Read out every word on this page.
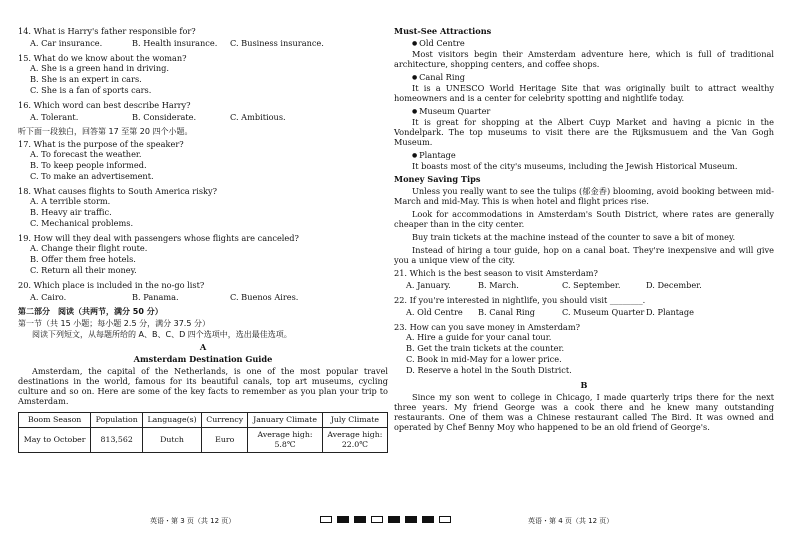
14. What is Harry's father responsible for?

A. Car insurance.	B. Health insurance.	C. Business insurance.

15. What do we know about the woman?

A. She is a green hand in driving.

B. She is an expert in cars.

C. She is a fan of sports cars.

16. Which word can best describe Harry?

A. Tolerant.	B. Considerate.	C. Ambitious.

听下面一段独白，回答第 17 至第 20 四个小题。

17. What is the purpose of the speaker?

A. To forecast the weather.

B. To keep people informed.

C. To make an advertisement.

18. What causes flights to South America risky?

A. A terrible storm.

B. Heavy air traffic.

C. Mechanical problems.

19. How will they deal with passengers whose flights are canceled?

A. Change their flight route.

B. Offer them free hotels.

C. Return all their money.

20. Which place is included in the no-go list?

A. Cairo.	B. Panama.	C. Buenos Aires.

第二部分　阅读（共两节，满分 50 分）

第一节（共 15 小题；每小题 2.5 分，满分 37.5 分）

阅读下列短文，从每题所给的 A、B、C、D 四个选项中，选出最佳选项。

A

Amsterdam Destination Guide

Amsterdam, the capital of the Netherlands, is one of the most popular travel destinations in the world, famous for its beautiful canals, top art museums, cycling culture and so on. Here are some of the key facts to remember as you plan your trip to Amsterdam.

Boom Season	Population	Language(s)	Currency	January Climate	July Climate
May to October	813,562	Dutch	Euro	Average high:
5.8℃	Average high:
22.0℃

Must-See Attractions

● Old Centre

Most visitors begin their Amsterdam adventure here, which is full of traditional architecture, shopping centers, and coffee shops.

● Canal Ring

It is a UNESCO World Heritage Site that was originally built to attract wealthy homeowners and is a center for celebrity spotting and nightlife today.

● Museum Quarter

It is great for shopping at the Albert Cuyp Market and having a picnic in the Vondelpark. The top museums to visit there are the Rijksmusuem and the Van Gogh Museum.

● Plantage

It boasts most of the city's museums, including the Jewish Historical Museum.

Money Saving Tips

Unless you really want to see the tulips (郁金香) blooming, avoid booking between mid-March and mid-May. This is when hotel and flight prices rise.

Look for accommodations in Amsterdam's South District, where rates are generally cheaper than in the city center.

Buy train tickets at the machine instead of the counter to save a bit of money.

Instead of hiring a tour guide, hop on a canal boat. They're inexpensive and will give you a unique view of the city.

21. Which is the best season to visit Amsterdam?

A. January.	B. March.	C. September.	D. December.

22. If you're interested in nightlife, you should visit ________.

A. Old Centre	B. Canal Ring	C. Museum Quarter D. Plantage

23. How can you save money in Amsterdam?

A. Hire a guide for your canal tour.

B. Get the train tickets at the counter.

C. Book in mid-May for a lower price.

D. Reserve a hotel in the South District.

B

Since my son went to college in Chicago, I made quarterly trips there for the next three years. My friend George was a cook there and he knew many outstanding restaurants. One of them was a Chinese restaurant called The Bird. It was owned and operated by Chef Benny Moy who happened to be an old friend of George's.

英语・第 3 页（共 12 页）	英语・第 4 页（共 12 页）
